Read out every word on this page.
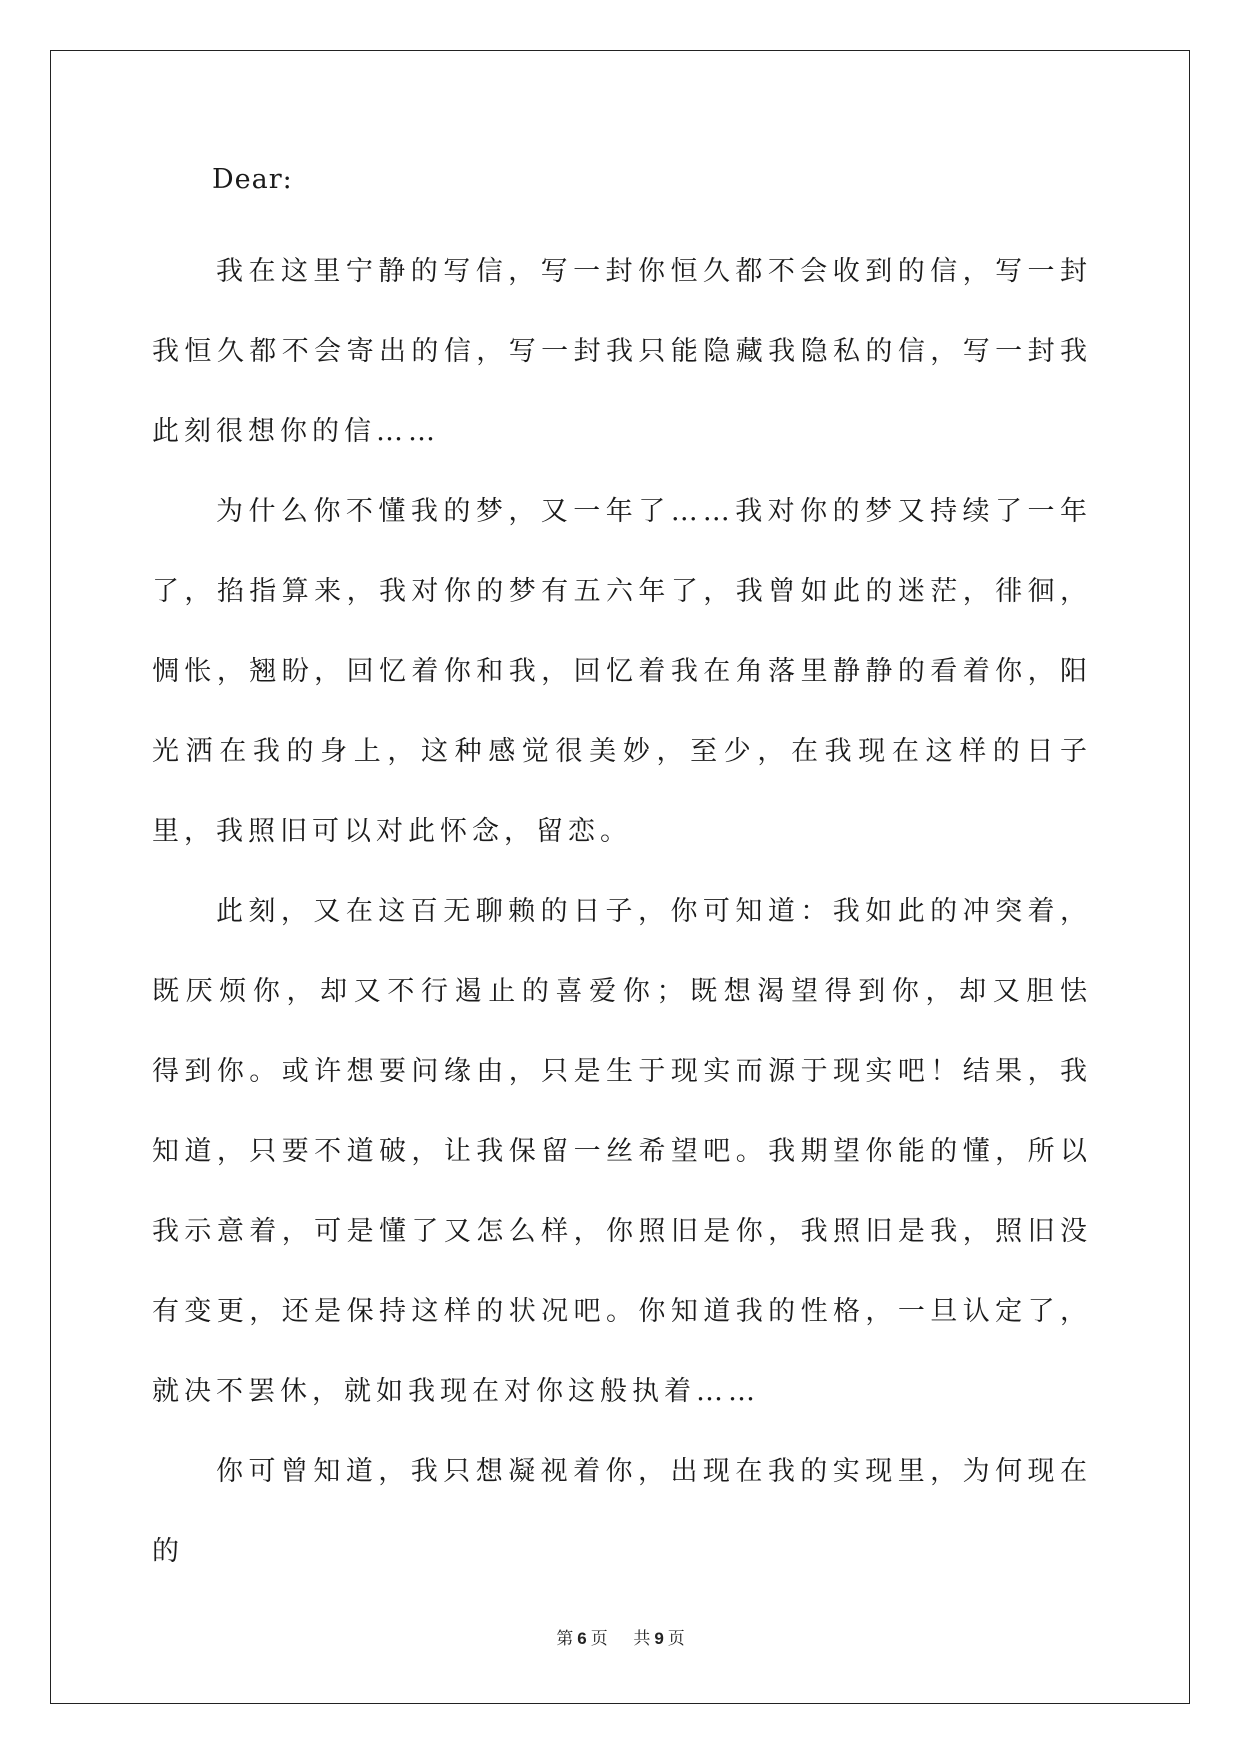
Dear:

我在这里宁静的写信，写一封你恒久都不会收到的信，写一封我恒久都不会寄出的信，写一封我只能隐藏我隐私的信，写一封我此刻很想你的信……

为什么你不懂我的梦，又一年了……我对你的梦又持续了一年了，掐指算来，我对你的梦有五六年了，我曾如此的迷茫，徘徊，惆怅，翘盼，回忆着你和我，回忆着我在角落里静静的看着你，阳光洒在我的身上，这种感觉很美妙，至少，在我现在这样的日子里，我照旧可以对此怀念，留恋。

此刻，又在这百无聊赖的日子，你可知道：我如此的冲突着，既厌烦你，却又不行遏止的喜爱你；既想渴望得到你，却又胆怯　得到你。或许想要问缘由，只是生于现实而源于现实吧！结果，我知道，只要不道破，让我保留一丝希望吧。我期望你能的懂，所以我示意着，可是懂了又怎么样，你照旧是你，我照旧是我，照旧没有变更，还是保持这样的状况吧。你知道我的性格，一旦认定了，就决不罢休，就如我现在对你这般执着……

你可曾知道，我只想凝视着你，出现在我的实现里，为何现在的

第 6 页 共 9 页
